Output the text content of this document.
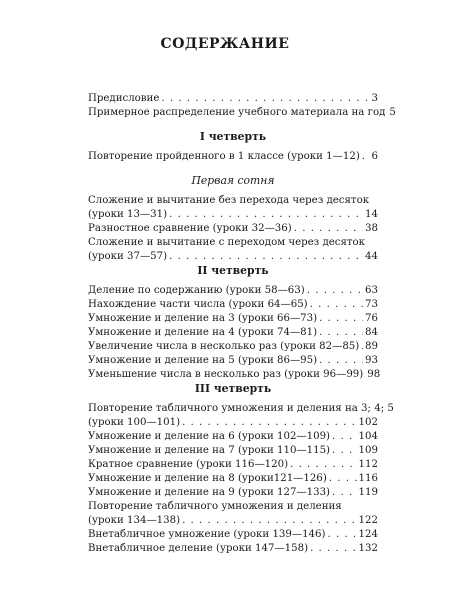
СОДЕРЖАНИЕ
Предисловие . . .	3
Примерное распределение учебного материала на год 5
I четверть
Повторение пройденного в 1 классе (уроки 1—12) . . . 6
Первая сотня
Сложение и вычитание без перехода через десяток
(уроки 13—31) . . .	14
Разностное сравнение (уроки 32—36) . . .	38
Сложение и вычитание с переходом через десяток
(уроки 37—57) . . .	44
II четверть
Деление по содержанию (уроки 58—63) . . .	63
Нахождение части числа (уроки 64—65) . . .	73
Умножение и деление на 3 (уроки 66—73) . . .	76
Умножение и деление на 4 (уроки 74—81) . . .	84
Увеличение числа в несколько раз (уроки 82—85) . . . 89
Умножение и деление на 5 (уроки 86—95) . . .	93
Уменьшение числа в несколько раз (уроки 96—99) 98
III четверть
Повторение табличного умножения и деления на 3; 4; 5
(уроки 100—101) . . .	102
Умножение и деление на 6 (уроки 102—109) . . .	104
Умножение и деление на 7 (уроки 110—115) . . .	109
Кратное сравнение (уроки 116—120) . . .	112
Умножение и деление на 8 (уроки121—126) . . .	116
Умножение и деление на 9 (уроки 127—133) . . .	119
Повторение табличного умножения и деления
(уроки 134—138) . . .	122
Внетабличное умножение (уроки 139—146) . . .	124
Внетабличное деление (уроки 147—158) . . .	132
